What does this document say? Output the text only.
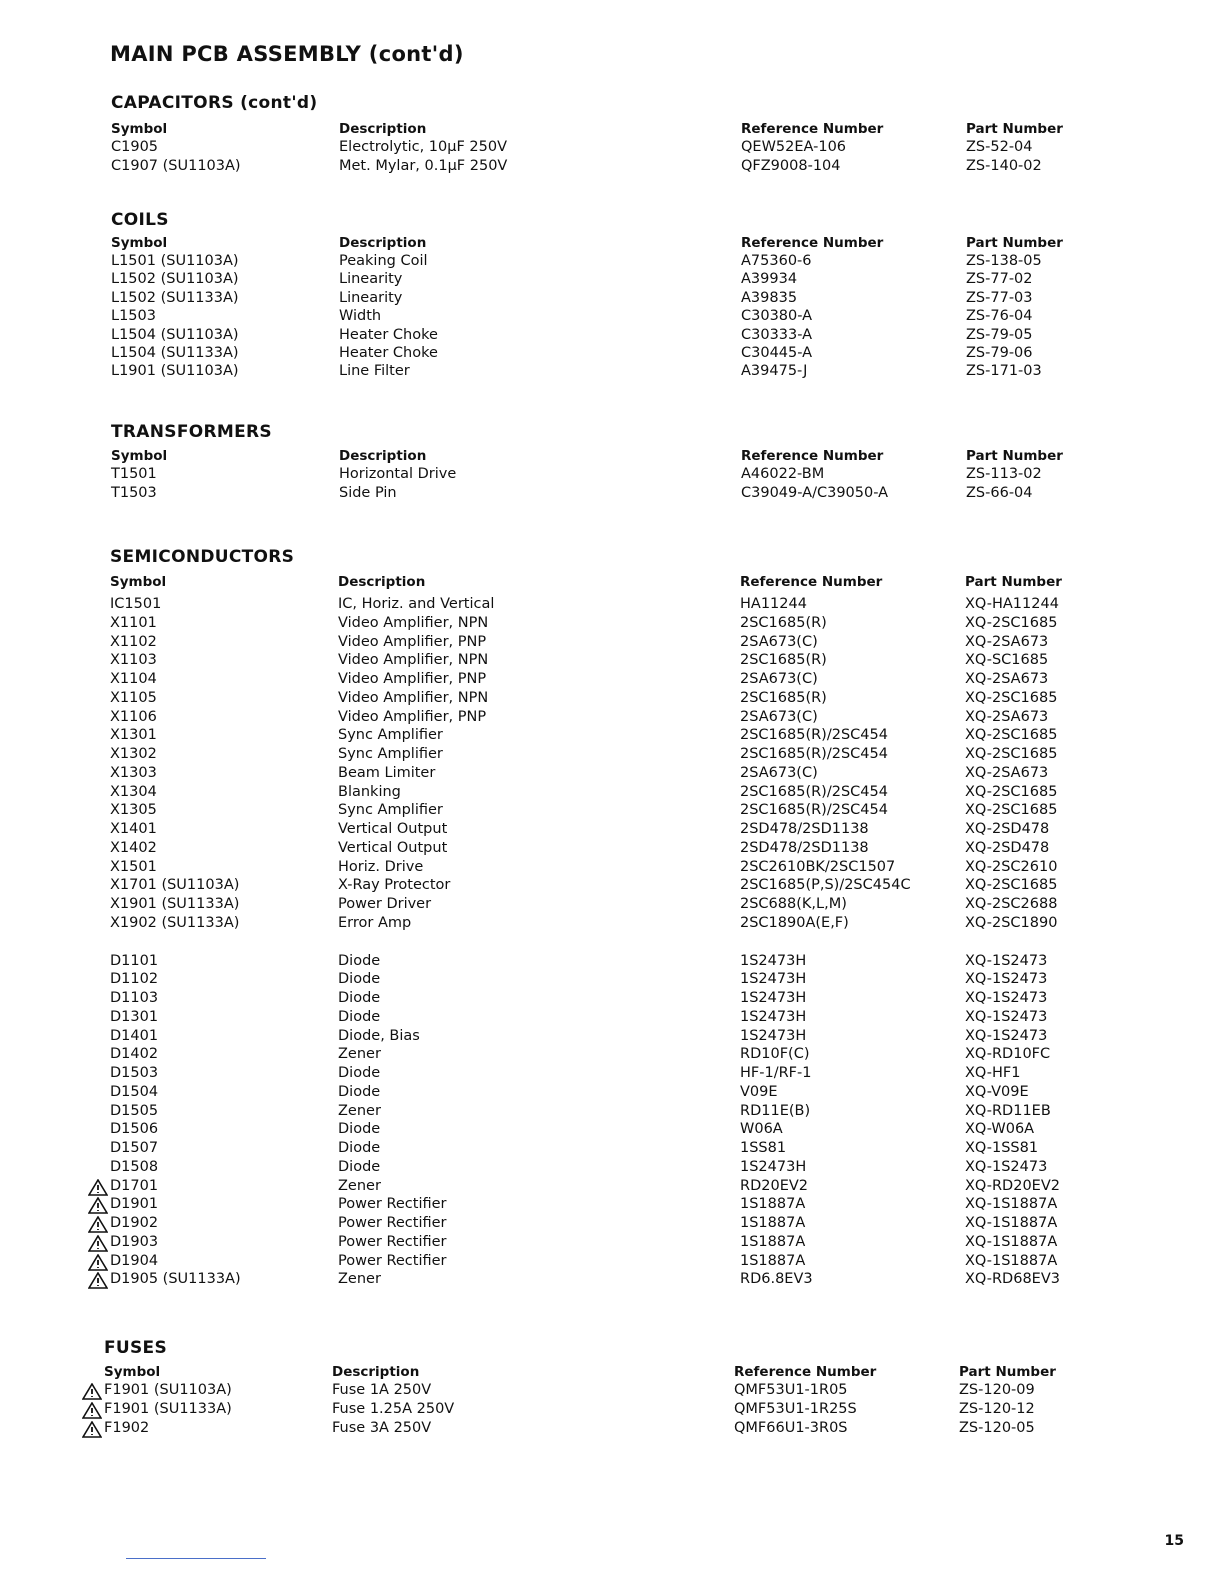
MAIN PCB ASSEMBLY (cont'd)
CAPACITORS (cont'd)
Symbol	Description	Reference Number	Part Number
C1905	Electrolytic, 10µF 250V	QEW52EA-106	ZS-52-04
C1907 (SU1103A)	Met. Mylar, 0.1µF 250V	QFZ9008-104	ZS-140-02
COILS
Symbol	Description	Reference Number	Part Number
L1501 (SU1103A)	Peaking Coil	A75360-6	ZS-138-05
L1502 (SU1103A)	Linearity	A39934	ZS-77-02
L1502 (SU1133A)	Linearity	A39835	ZS-77-03
L1503	Width	C30380-A	ZS-76-04
L1504 (SU1103A)	Heater Choke	C30333-A	ZS-79-05
L1504 (SU1133A)	Heater Choke	C30445-A	ZS-79-06
L1901 (SU1103A)	Line Filter	A39475-J	ZS-171-03
TRANSFORMERS
Symbol	Description	Reference Number	Part Number
T1501	Horizontal Drive	A46022-BM	ZS-113-02
T1503	Side Pin	C39049-A/C39050-A	ZS-66-04
SEMICONDUCTORS
Symbol	Description	Reference Number	Part Number
IC1501	IC, Horiz. and Vertical	HA11244	XQ-HA11244
X1101	Video Amplifier, NPN	2SC1685(R)	XQ-2SC1685
X1102	Video Amplifier, PNP	2SA673(C)	XQ-2SA673
X1103	Video Amplifier, NPN	2SC1685(R)	XQ-SC1685
X1104	Video Amplifier, PNP	2SA673(C)	XQ-2SA673
X1105	Video Amplifier, NPN	2SC1685(R)	XQ-2SC1685
X1106	Video Amplifier, PNP	2SA673(C)	XQ-2SA673
X1301	Sync Amplifier	2SC1685(R)/2SC454	XQ-2SC1685
X1302	Sync Amplifier	2SC1685(R)/2SC454	XQ-2SC1685
X1303	Beam Limiter	2SA673(C)	XQ-2SA673
X1304	Blanking	2SC1685(R)/2SC454	XQ-2SC1685
X1305	Sync Amplifier	2SC1685(R)/2SC454	XQ-2SC1685
X1401	Vertical Output	2SD478/2SD1138	XQ-2SD478
X1402	Vertical Output	2SD478/2SD1138	XQ-2SD478
X1501	Horiz. Drive	2SC2610BK/2SC1507	XQ-2SC2610
X1701 (SU1103A)	X-Ray Protector	2SC1685(P,S)/2SC454C	XQ-2SC1685
X1901 (SU1133A)	Power Driver	2SC688(K,L,M)	XQ-2SC2688
X1902 (SU1133A)	Error Amp	2SC1890A(E,F)	XQ-2SC1890
D1101	Diode	1S2473H	XQ-1S2473
D1102	Diode	1S2473H	XQ-1S2473
D1103	Diode	1S2473H	XQ-1S2473
D1301	Diode	1S2473H	XQ-1S2473
D1401	Diode, Bias	1S2473H	XQ-1S2473
D1402	Zener	RD10F(C)	XQ-RD10FC
D1503	Diode	HF-1/RF-1	XQ-HF1
D1504	Diode	V09E	XQ-V09E
D1505	Zener	RD11E(B)	XQ-RD11EB
D1506	Diode	W06A	XQ-W06A
D1507	Diode	1SS81	XQ-1SS81
D1508	Diode	1S2473H	XQ-1S2473
D1701	Zener	RD20EV2	XQ-RD20EV2
D1901	Power Rectifier	1S1887A	XQ-1S1887A
D1902	Power Rectifier	1S1887A	XQ-1S1887A
D1903	Power Rectifier	1S1887A	XQ-1S1887A
D1904	Power Rectifier	1S1887A	XQ-1S1887A
D1905 (SU1133A)	Zener	RD6.8EV3	XQ-RD68EV3
FUSES
Symbol	Description	Reference Number	Part Number
F1901 (SU1103A)	Fuse 1A 250V	QMF53U1-1R05	ZS-120-09
F1901 (SU1133A)	Fuse 1.25A 250V	QMF53U1-1R25S	ZS-120-12
F1902	Fuse 3A 250V	QMF66U1-3R0S	ZS-120-05
15
